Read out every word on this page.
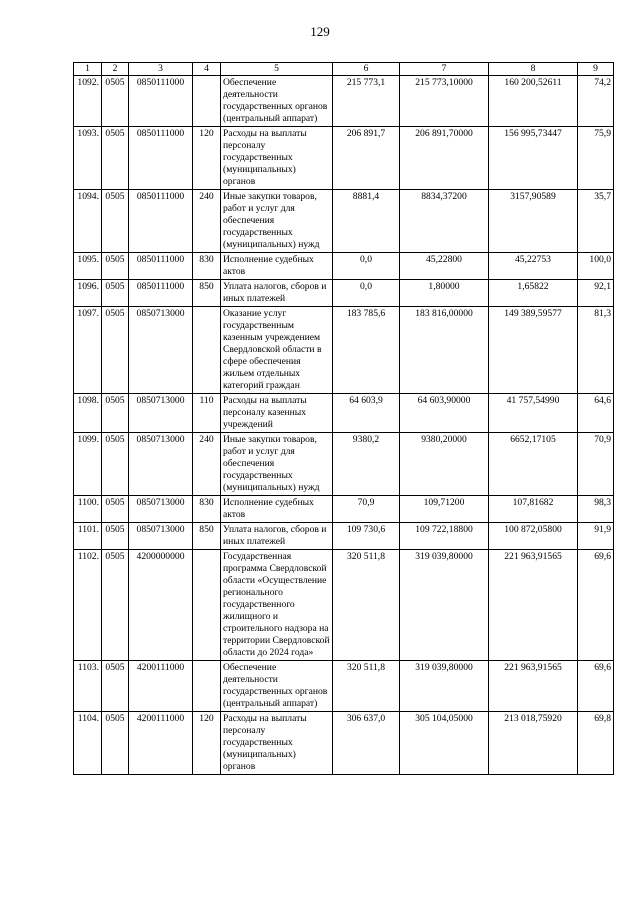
129
1	2	3	4	5	6	7	8	9
1092.	0505	0850111000		Обеспечение деятельности государственных органов (центральный аппарат)	215 773,1	215 773,10000	160 200,52611	74,2
1093.	0505	0850111000	120	Расходы на выплаты персоналу государственных (муниципальных) органов	206 891,7	206 891,70000	156 995,73447	75,9
1094.	0505	0850111000	240	Иные закупки товаров, работ и услуг для обеспечения государственных (муниципальных) нужд	8881,4	8834,37200	3157,90589	35,7
1095.	0505	0850111000	830	Исполнение судебных актов	0,0	45,22800	45,22753	100,0
1096.	0505	0850111000	850	Уплата налогов, сборов и иных платежей	0,0	1,80000	1,65822	92,1
1097.	0505	0850713000		Оказание услуг государственным казенным учреждением Свердловской области в сфере обеспечения жильем отдельных категорий граждан	183 785,6	183 816,00000	149 389,59577	81,3
1098.	0505	0850713000	110	Расходы на выплаты персоналу казенных учреждений	64 603,9	64 603,90000	41 757,54990	64,6
1099.	0505	0850713000	240	Иные закупки товаров, работ и услуг для обеспечения государственных (муниципальных) нужд	9380,2	9380,20000	6652,17105	70,9
1100.	0505	0850713000	830	Исполнение судебных актов	70,9	109,71200	107,81682	98,3
1101.	0505	0850713000	850	Уплата налогов, сборов и иных платежей	109 730,6	109 722,18800	100 872,05800	91,9
1102.	0505	4200000000		Государственная программа Свердловской области «Осуществление регионального государственного жилищного и строительного надзора на территории Свердловской области до 2024 года»	320 511,8	319 039,80000	221 963,91565	69,6
1103.	0505	4200111000		Обеспечение деятельности государственных органов (центральный аппарат)	320 511,8	319 039,80000	221 963,91565	69,6
1104.	0505	4200111000	120	Расходы на выплаты персоналу государственных (муниципальных) органов	306 637,0	305 104,05000	213 018,75920	69,8
